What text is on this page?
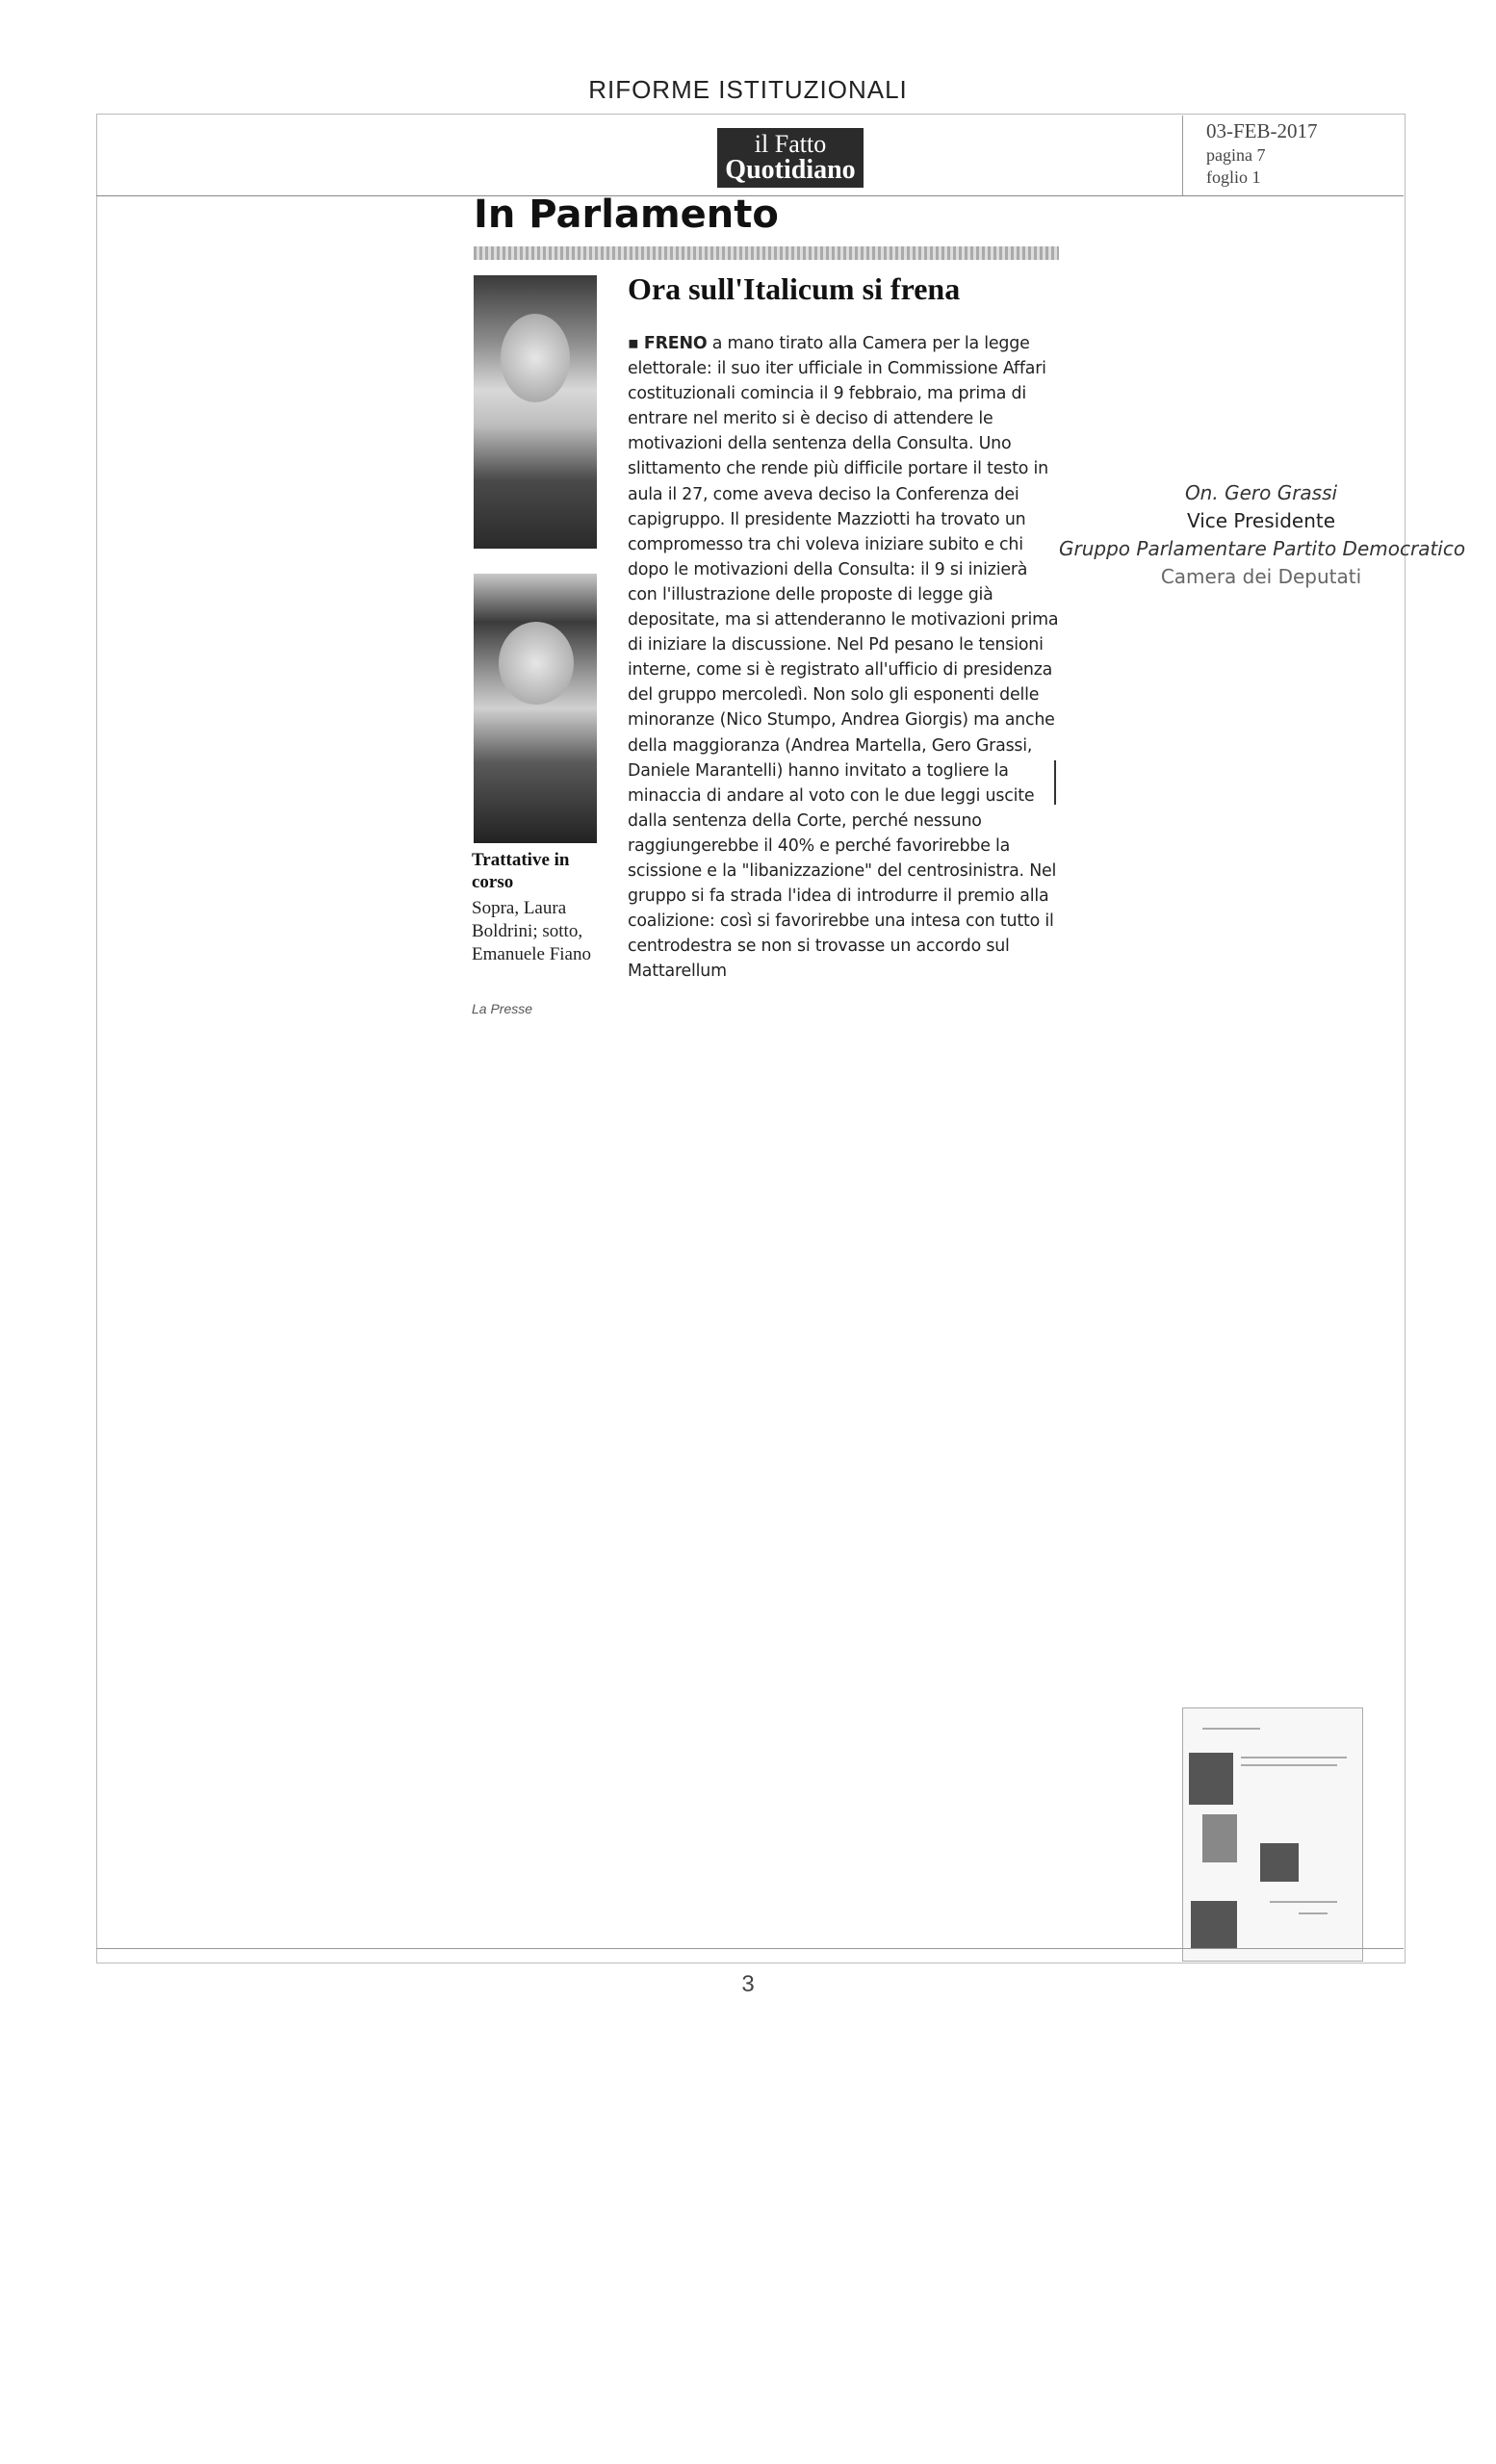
RIFORME ISTITUZIONALI
il Fatto
Quotidiano
03-FEB-2017
pagina 7
foglio 1
In Parlamento
Trattative in corso
Sopra, Laura Boldrini; sotto, Emanuele Fiano
La Presse
Ora sull'Italicum si frena
▪ FRENO a mano tirato alla Camera per la legge elettorale: il suo iter ufficiale in Commissione Affari costituzionali comincia il 9 febbraio, ma prima di entrare nel merito si è deciso di attendere le motivazioni della sentenza della Consulta. Uno slittamento che rende più difficile portare il testo in aula il 27, come aveva deciso la Conferenza dei capigruppo. Il presidente Mazziotti ha trovato un compromesso tra chi voleva iniziare subito e chi dopo le motivazioni della Consulta: il 9 si inizierà con l'illustrazione delle proposte di legge già depositate, ma si attenderanno le motivazioni prima di iniziare la discussione. Nel Pd pesano le tensioni interne, come si è registrato all'ufficio di presidenza del gruppo mercoledì. Non solo gli esponenti delle minoranze (Nico Stumpo, Andrea Giorgis) ma anche della maggioranza (Andrea Martella, Gero Grassi, Daniele Marantelli) hanno invitato a togliere la minaccia di andare al voto con le due leggi uscite dalla sentenza della Corte, perché nessuno raggiungerebbe il 40% e perché favorirebbe la scissione e la "libanizzazione" del centrosinistra. Nel gruppo si fa strada l'idea di introdurre il premio alla coalizione: così si favorirebbe una intesa con tutto il centrodestra se non si trovasse un accordo sul Mattarellum
On. Gero Grassi
Vice Presidente
Gruppo Parlamentare Partito Democratico
Camera dei Deputati
3
